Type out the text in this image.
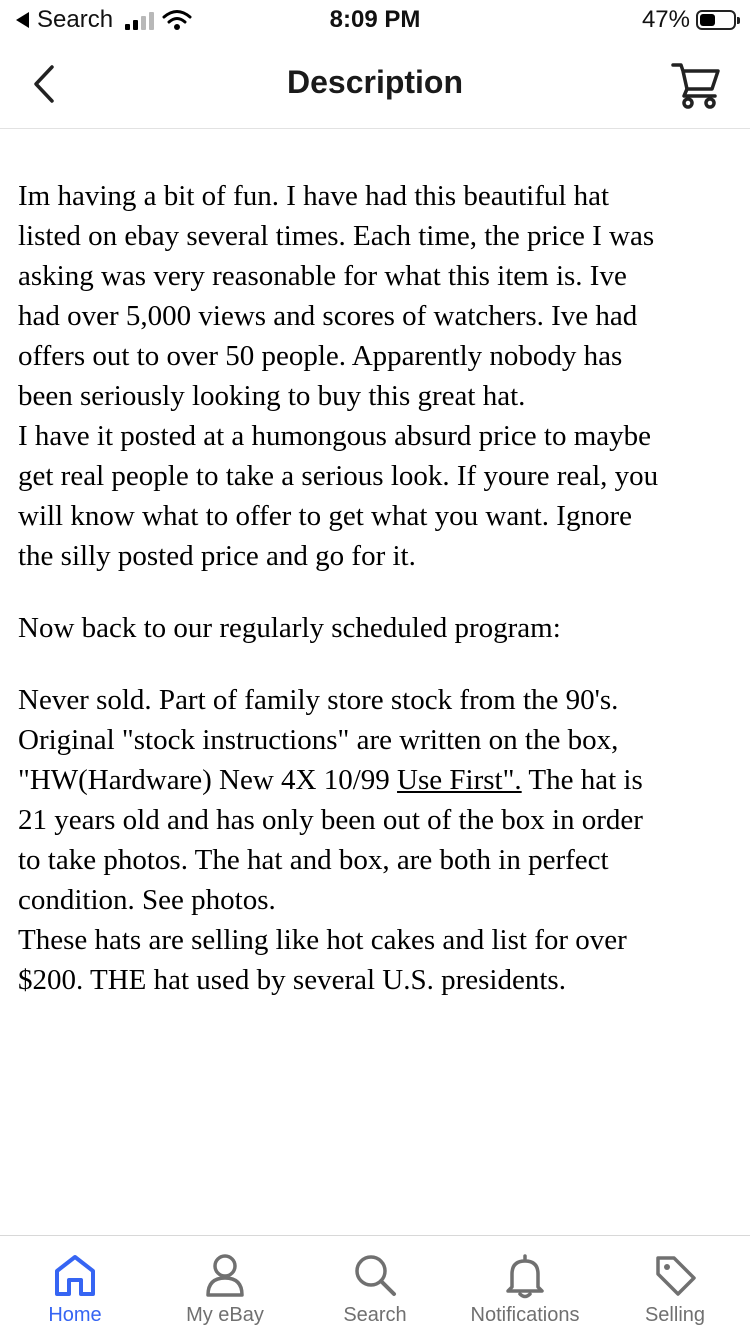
Search	8:09 PM	47%
Description

Im having a bit of fun. I have had this beautiful hat
listed on ebay several times. Each time, the price I was
asking was very reasonable for what this item is. Ive
had over 5,000 views and scores of watchers. Ive had
offers out to over 50 people. Apparently nobody has
been seriously looking to buy this great hat.
I have it posted at a humongous absurd price to maybe
get real people to take a serious look. If youre real, you
will know what to offer to get what you want. Ignore
the silly posted price and go for it.

Now back to our regularly scheduled program:

Never sold. Part of family store stock from the 90's.
Original "stock instructions" are written on the box,
"HW(Hardware) New 4X 10/99 Use First". The hat is
21 years old and has only been out of the box in order
to take photos. The hat and box, are both in perfect
condition. See photos.
These hats are selling like hot cakes and list for over
$200. THE hat used by several U.S. presidents.

Home	My eBay	Search	Notifications	Selling
